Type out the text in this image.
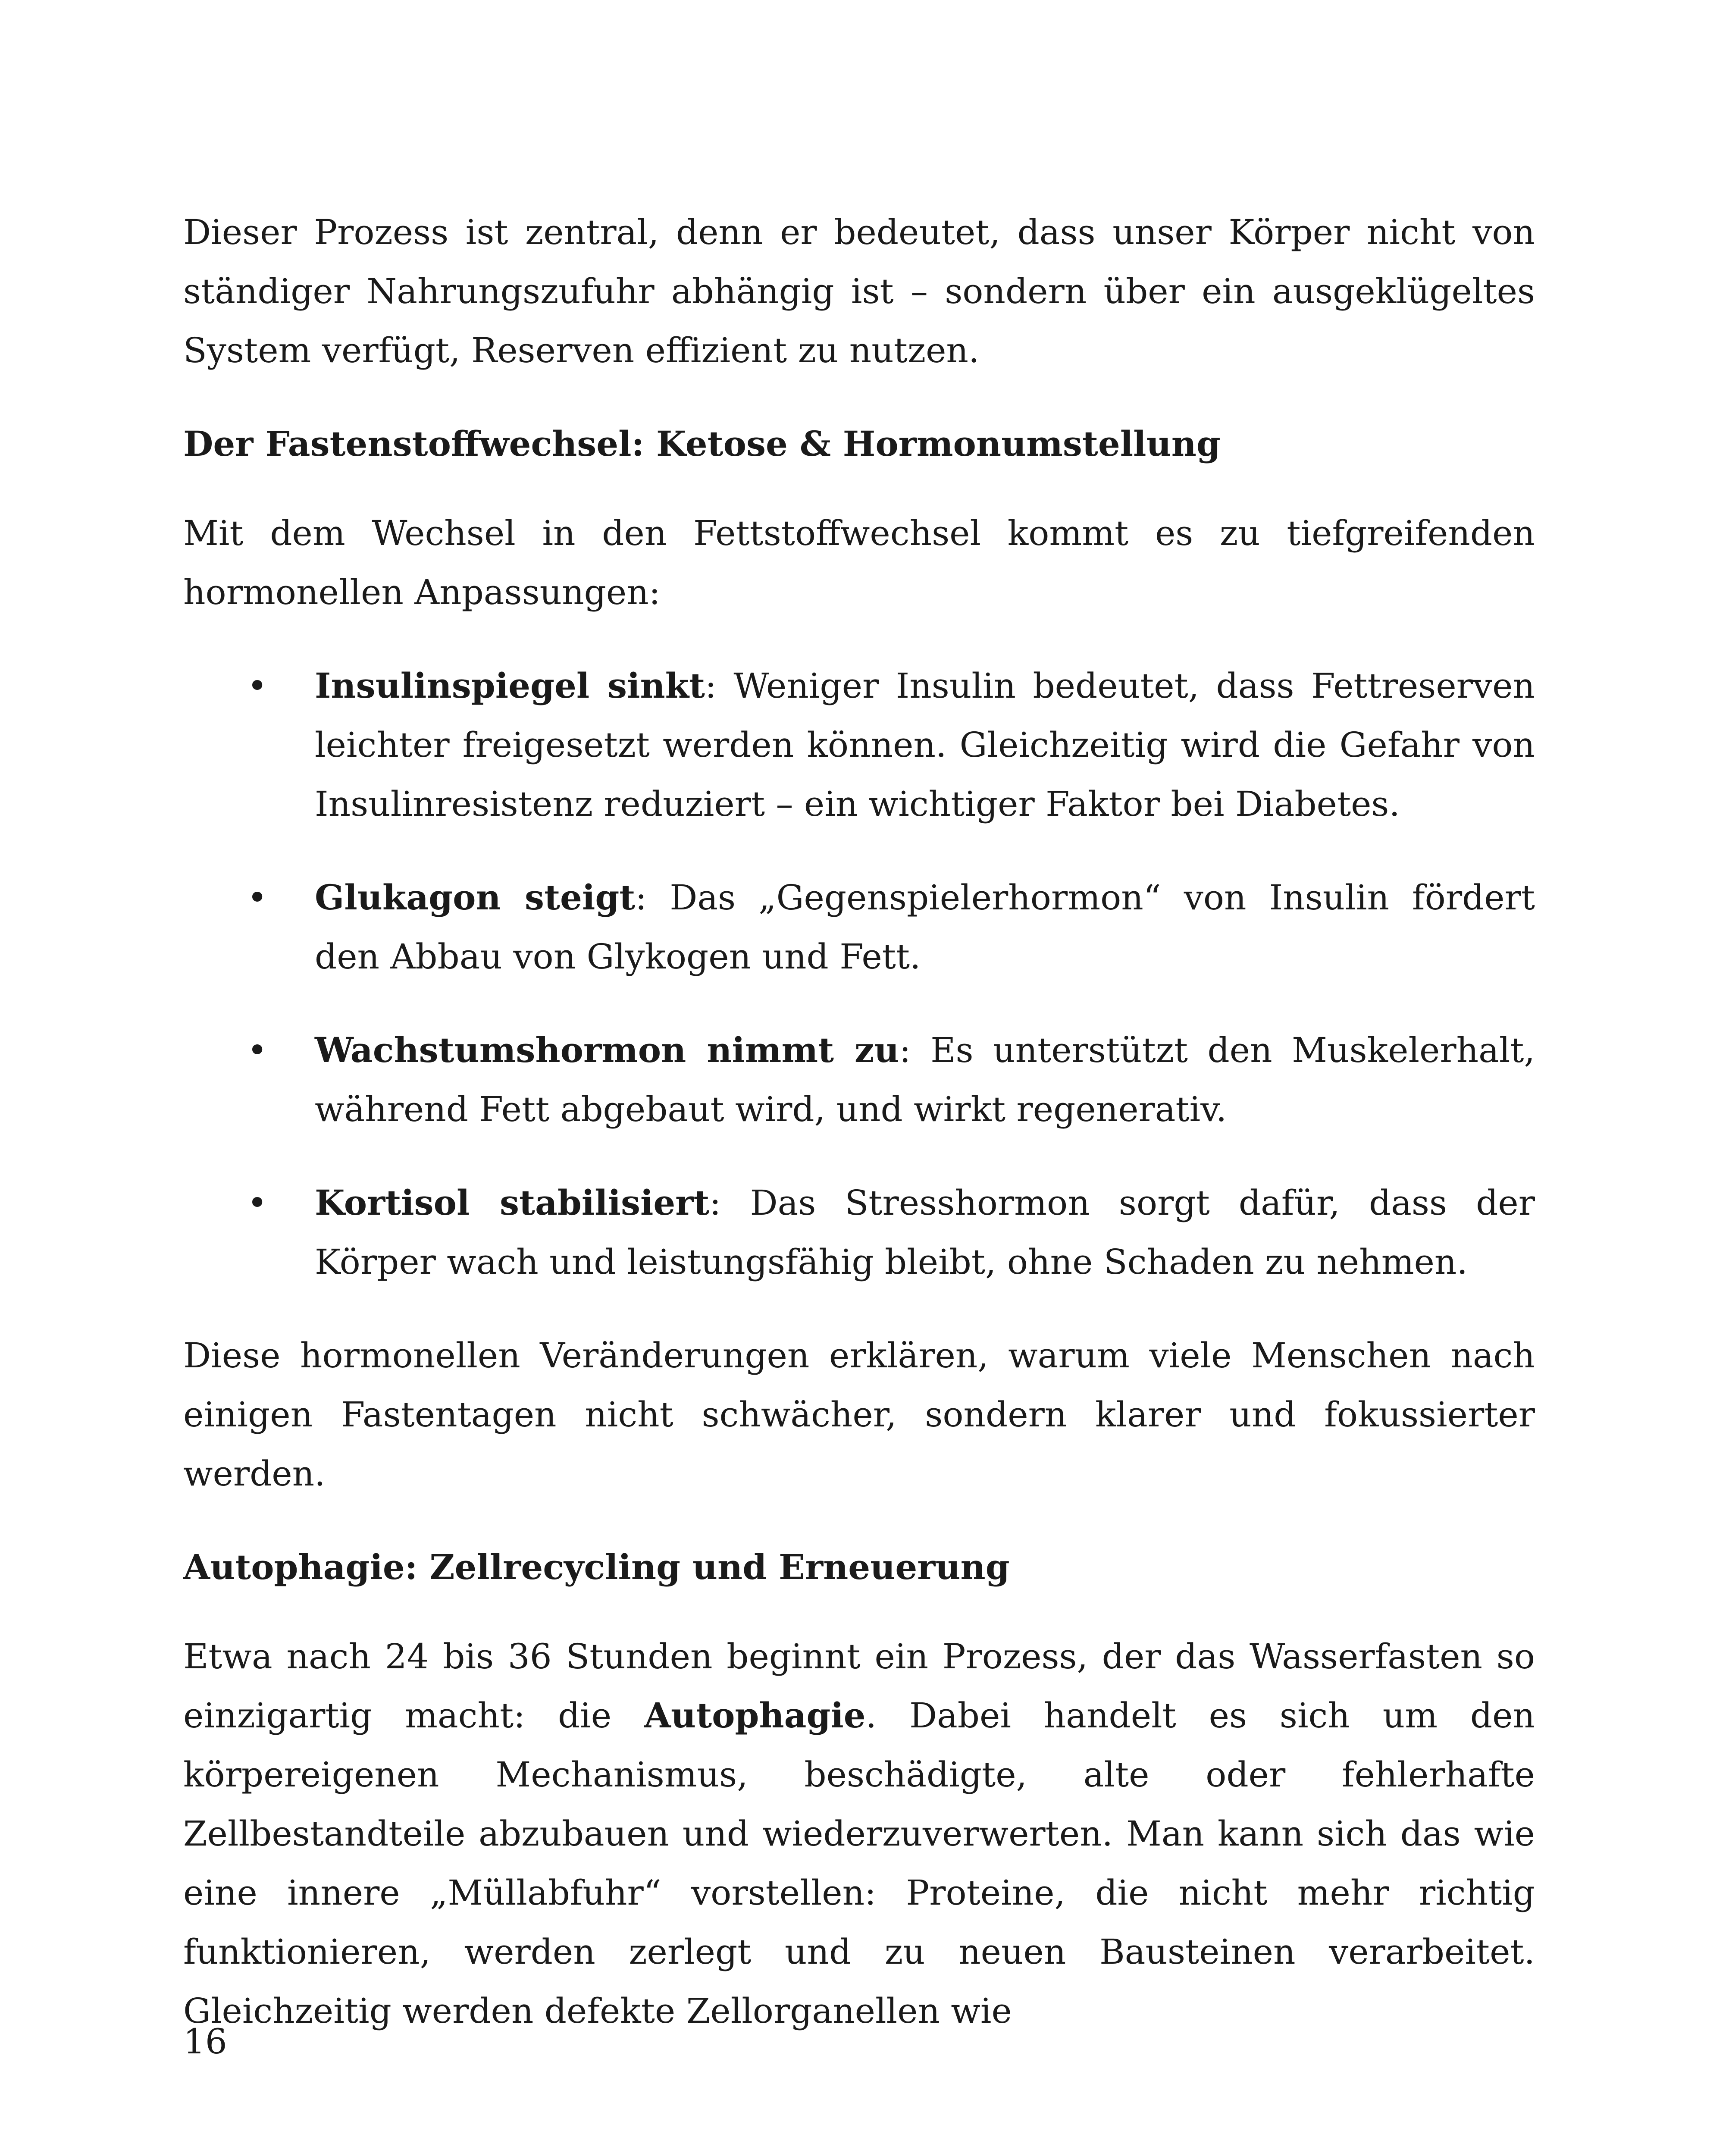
Dieser Prozess ist zentral, denn er bedeutet, dass unser Körper nicht von ständiger Nahrungszufuhr abhängig ist – sondern über ein ausgeklügeltes System verfügt, Reserven effizient zu nutzen.

Der Fastenstoffwechsel: Ketose & Hormonumstellung

Mit dem Wechsel in den Fettstoffwechsel kommt es zu tiefgreifenden hormonellen Anpassungen:

• Insulinspiegel sinkt: Weniger Insulin bedeutet, dass Fettreserven leichter freigesetzt werden können. Gleichzeitig wird die Gefahr von Insulinresistenz reduziert – ein wichtiger Faktor bei Diabetes.
• Glukagon steigt: Das „Gegenspielerhormon“ von Insulin fördert den Abbau von Glykogen und Fett.
• Wachstumshormon nimmt zu: Es unterstützt den Muskelerhalt, während Fett abgebaut wird, und wirkt regenerativ.
• Kortisol stabilisiert: Das Stresshormon sorgt dafür, dass der Körper wach und leistungsfähig bleibt, ohne Schaden zu nehmen.

Diese hormonellen Veränderungen erklären, warum viele Menschen nach einigen Fastentagen nicht schwächer, sondern klarer und fokussierter werden.

Autophagie: Zellrecycling und Erneuerung

Etwa nach 24 bis 36 Stunden beginnt ein Prozess, der das Wasserfasten so einzigartig macht: die Autophagie. Dabei handelt es sich um den körpereigenen Mechanismus, beschädigte, alte oder fehlerhafte Zellbestandteile abzubauen und wiederzuverwerten. Man kann sich das wie eine innere „Müllabfuhr“ vorstellen: Proteine, die nicht mehr richtig funktionieren, werden zerlegt und zu neuen Bausteinen verarbeitet. Gleichzeitig werden defekte Zellorganellen wie

16
